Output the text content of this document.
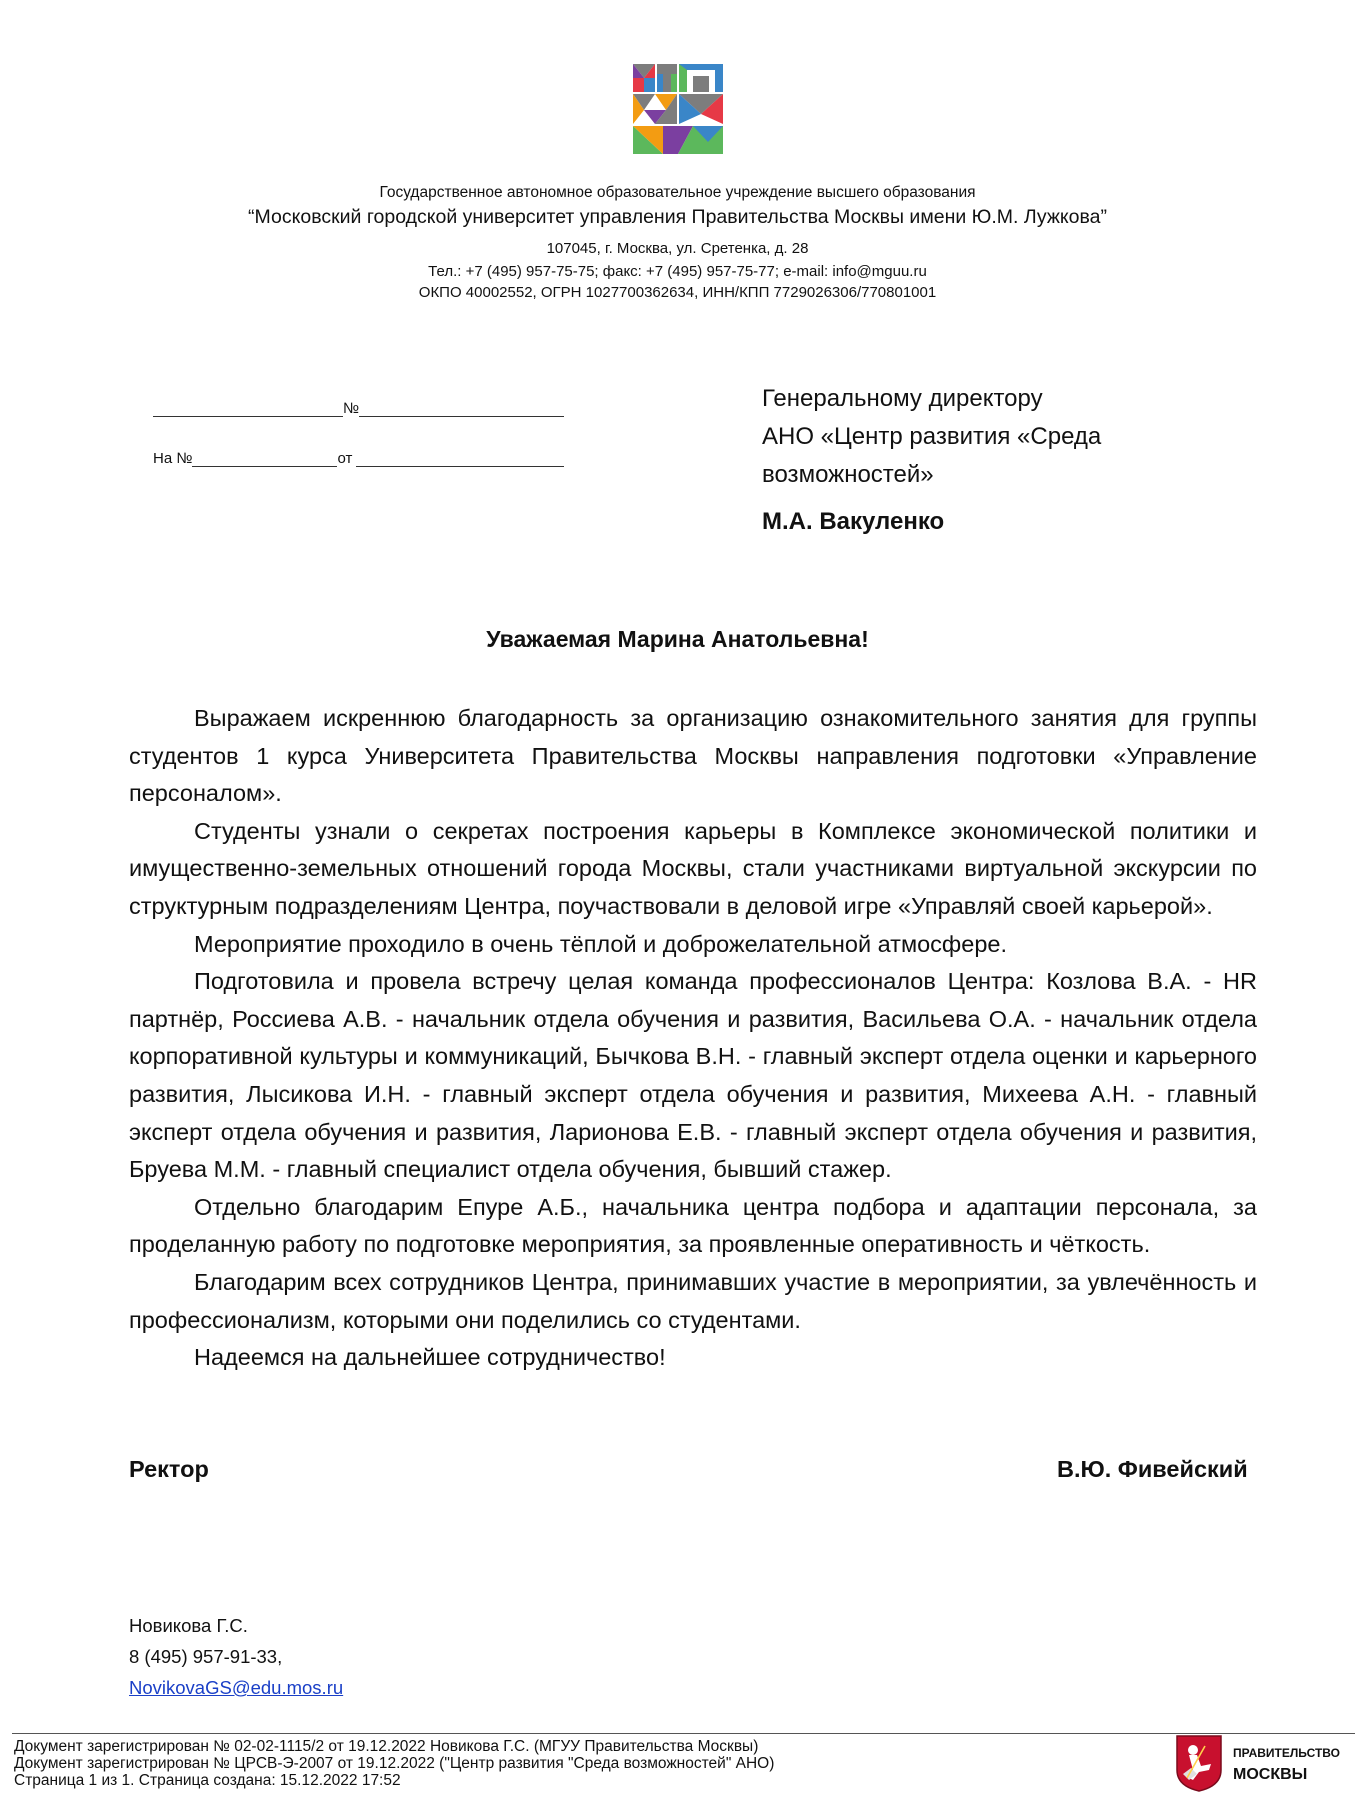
Государственное автономное образовательное учреждение высшего образования
“Московский городской университет управления Правительства Москвы имени Ю.М. Лужкова”
107045, г. Москва, ул. Сретенка, д. 28
Тел.: +7 (495) 957-75-75; факс: +7 (495) 957-75-77; e-mail: info@mguu.ru
ОКПО 40002552, ОГРН 1027700362634, ИНН/КПП 7729026306/770801001
№
На №	от
Генеральному директору
АНО «Центр развития «Среда
возможностей»
М.А. Вакуленко
Уважаемая Марина Анатольевна!

Выражаем искреннюю благодарность за организацию ознакомительного занятия для группы студентов 1 курса Университета Правительства Москвы направления подготовки «Управление персоналом».

Студенты узнали о секретах построения карьеры в Комплексе экономической политики и имущественно-земельных отношений города Москвы, стали участниками виртуальной экскурсии по структурным подразделениям Центра, поучаствовали в деловой игре «Управляй своей карьерой».

Мероприятие проходило в очень тёплой и доброжелательной атмосфере.

Подготовила и провела встречу целая команда профессионалов Центра: Козлова В.А. - HR партнёр, Россиева А.В. - начальник отдела обучения и развития, Васильева О.А. - начальник отдела корпоративной культуры и коммуникаций, Бычкова В.Н. - главный эксперт отдела оценки и карьерного развития, Лысикова И.Н. - главный эксперт отдела обучения и развития, Михеева А.Н. - главный эксперт отдела обучения и развития, Ларионова Е.В. - главный эксперт отдела обучения и развития, Бруева М.М. - главный специалист отдела обучения, бывший стажер.

Отдельно благодарим Епуре А.Б., начальника центра подбора и адаптации персонала, за проделанную работу по подготовке мероприятия, за проявленные оперативность и чёткость.

Благодарим всех сотрудников Центра, принимавших участие в мероприятии, за увлечённость и профессионализм, которыми они поделились со студентами.

Надеемся на дальнейшее сотрудничество!

Ректор	В.Ю. Фивейский
Новикова Г.С.
8 (495) 957-91-33,
NovikovaGS@edu.mos.ru
Документ зарегистрирован № 02-02-1115/2 от 19.12.2022 Новикова Г.С. (МГУУ Правительства Москвы)
Документ зарегистрирован № ЦРСВ-Э-2007 от 19.12.2022 ("Центр развития "Среда возможностей" АНО)
Страница 1 из 1. Страница создана: 15.12.2022 17:52
ПРАВИТЕЛЬСТВО
МОСКВЫ
